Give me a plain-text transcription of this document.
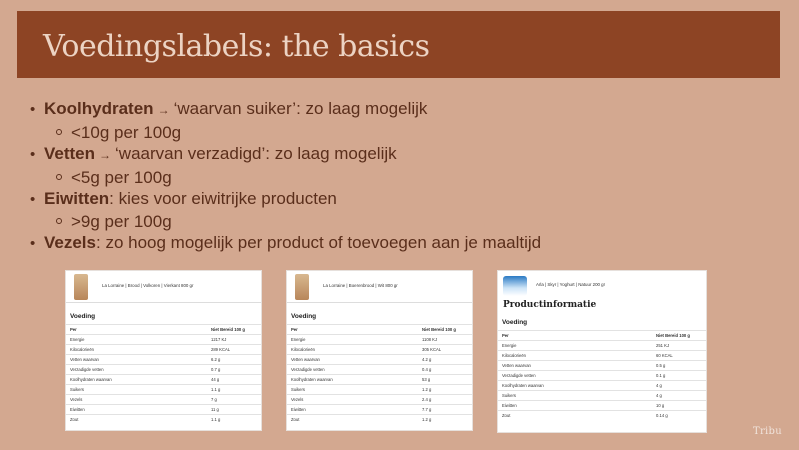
Voedingslabels: the basics
• Koolhydraten → ‘waarvan suiker’: zo laag mogelijk
<10g per 100g
• Vetten → ‘waarvan verzadigd’: zo laag mogelijk
<5g per 100g
• Eiwitten : kies voor eiwitrijke producten
>9g per 100g
• Vezels : zo hoog mogelijk per product of toevoegen aan je maaltijd
La Lorraine | Brood | Volkoren | Vierkant 800 gr
Voeding
Per	Niet Bereid 100 g
Energie	1217 KJ
Kilocalorieën	289 KCAL
Vetten waarvan	6.2 g
Verzadigde vetten	0.7 g
Koolhydraten waarvan	44 g
Suikers	1.1 g
Vezels	7 g
Eiwitten	11 g
Zout	1.1 g
La Lorraine | Boerenbrood | Wit 800 gr
Voeding
Per	Niet Bereid 100 g
Energie	1108 KJ
Kilocalorieën	305 KCAL
Vetten waarvan	4.2 g
Verzadigde vetten	0.4 g
Koolhydraten waarvan	53 g
Suikers	1.2 g
Vezels	2.4 g
Eiwitten	7.7 g
Zout	1.2 g
Arla | Skyr | Yoghurt | Natuur 200 gr
Productinformatie
Voeding
Per	Niet Bereid 100 g
Energie	251 KJ
Kilocalorieën	60 KCAL
Vetten waarvan	0.5 g
Verzadigde vetten	0.1 g
Koolhydraten waarvan	4 g
Suikers	4 g
Eiwitten	10 g
Zout	0.14 g
Tribu
